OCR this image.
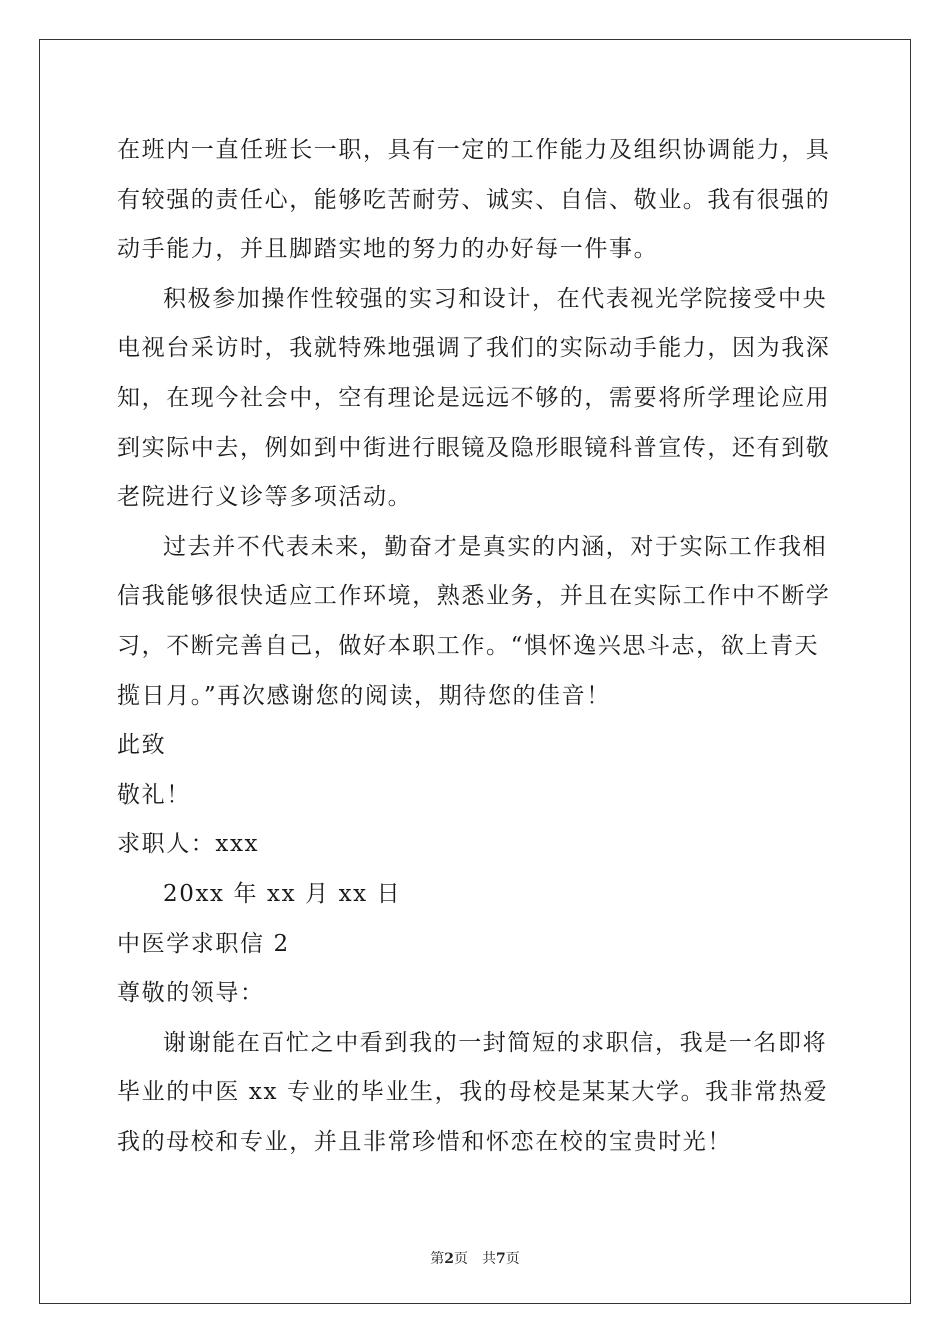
在班内一直任班长一职，具有一定的工作能力及组织协调能力，具有较强的责任心，能够吃苦耐劳、诚实、自信、敬业。我有很强的动手能力，并且脚踏实地的努力的办好每一件事。

积极参加操作性较强的实习和设计，在代表视光学院接受中央电视台采访时，我就特殊地强调了我们的实际动手能力，因为我深知，在现今社会中，空有理论是远远不够的，需要将所学理论应用到实际中去，例如到中街进行眼镜及隐形眼镜科普宣传，还有到敬老院进行义诊等多项活动。

过去并不代表未来，勤奋才是真实的内涵，对于实际工作我相信我能够很快适应工作环境，熟悉业务，并且在实际工作中不断学习，不断完善自己，做好本职工作。“惧怀逸兴思斗志，欲上青天揽日月。”再次感谢您的阅读，期待您的佳音！

此致

敬礼！

求职人：xxx

20xx 年 xx 月 xx 日

中医学求职信 2

尊敬的领导：

谢谢能在百忙之中看到我的一封简短的求职信，我是一名即将毕业的中医 xx 专业的毕业生，我的母校是某某大学。我非常热爱我的母校和专业，并且非常珍惜和怀恋在校的宝贵时光！

第2页 共7页
